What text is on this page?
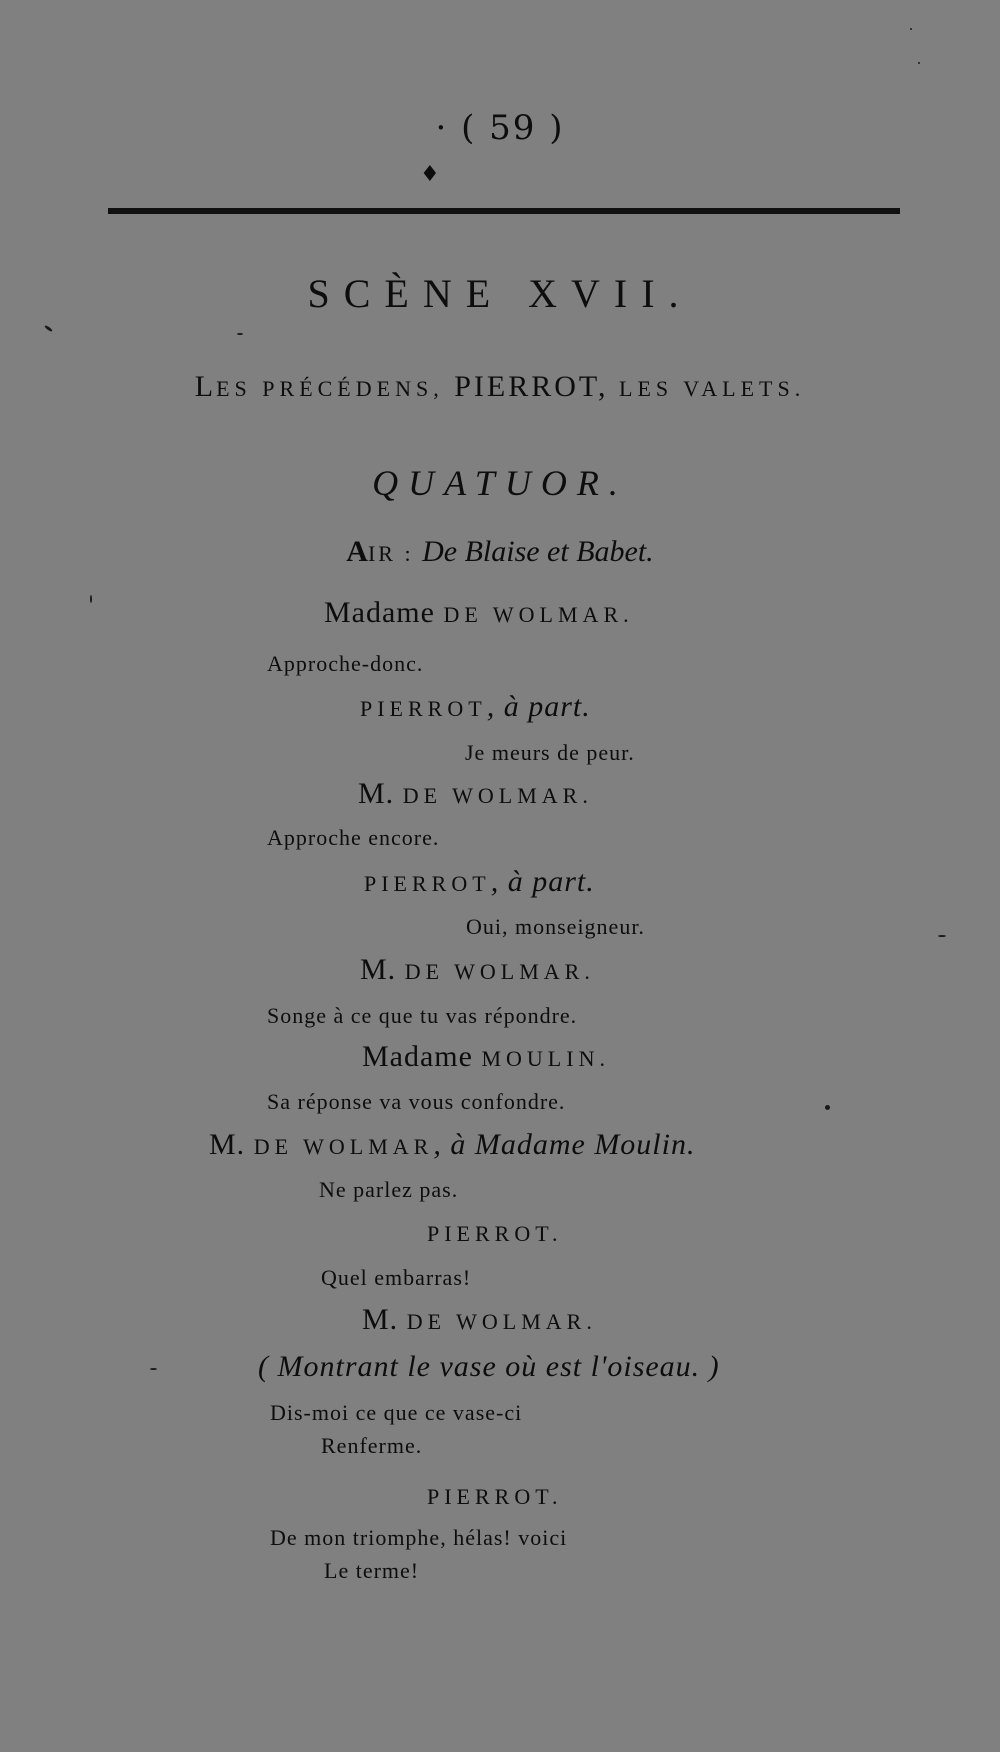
· ( 59 )
♦
SCÈNE XVII.
LES PRÉCÉDENS, PIERROT, LES VALETS.
QUATUOR.
AIR : De Blaise et Babet.
Madame DE WOLMAR.
Approche-donc.
PIERROT, à part.
Je meurs de peur.
M. DE WOLMAR.
Approche encore.
PIERROT, à part.
Oui, monseigneur.
M. DE WOLMAR.
Songe à ce que tu vas répondre.
Madame MOULIN.
Sa réponse va vous confondre.
M. DE WOLMAR, à Madame Moulin.
Ne parlez pas.
PIERROT.
Quel embarras!
M. DE WOLMAR.
( Montrant le vase où est l'oiseau. )
Dis-moi ce que ce vase-ci
Renferme.
PIERROT.
De mon triomphe, hélas! voici
Le terme!
